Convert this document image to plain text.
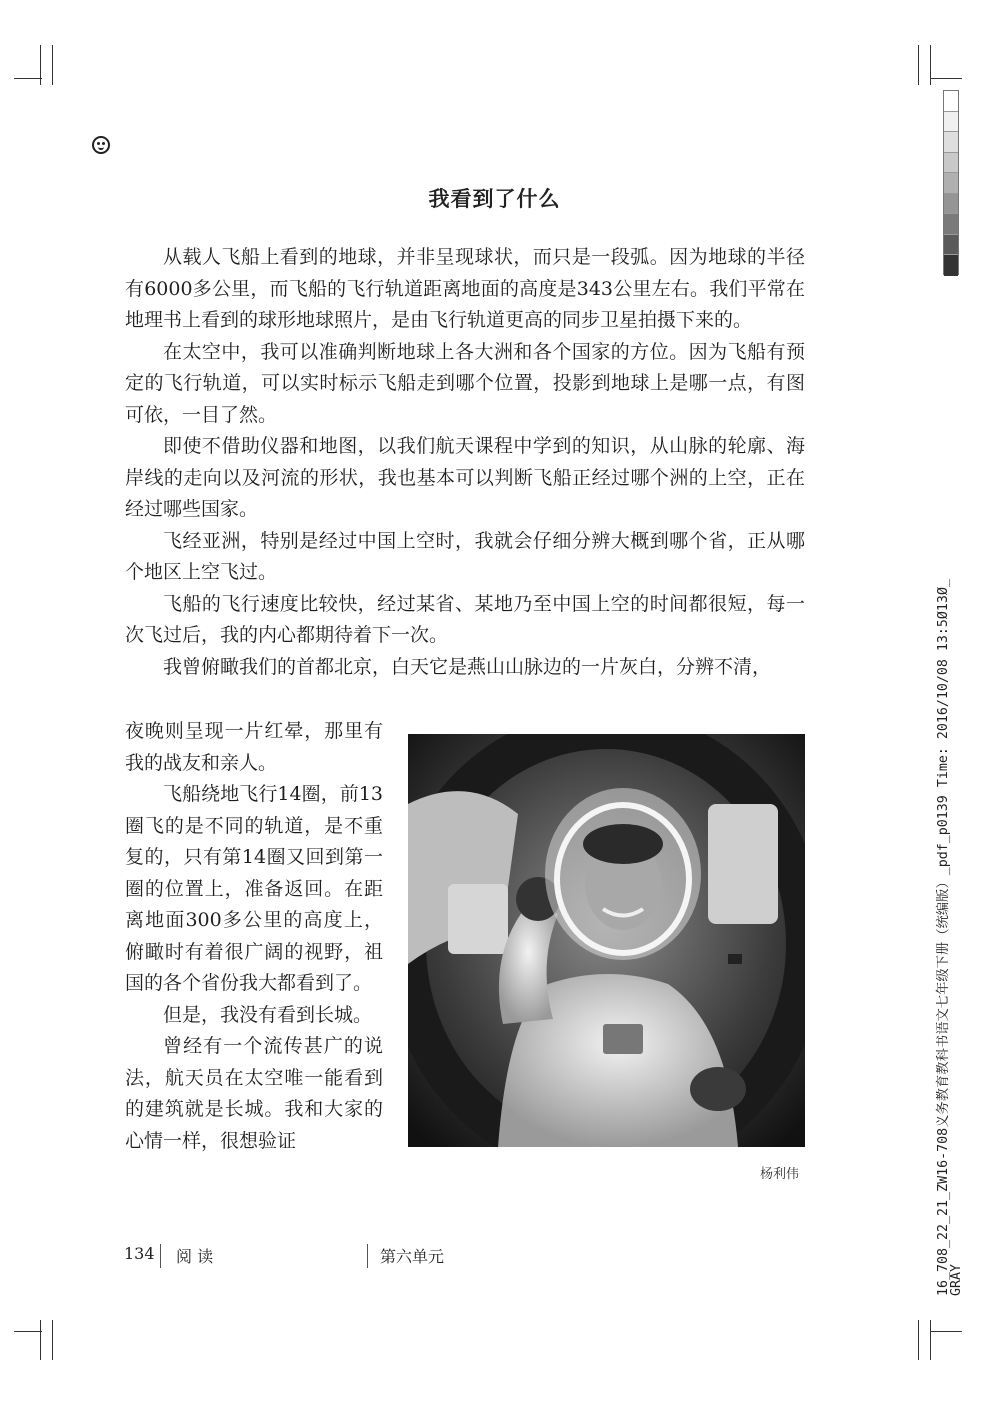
我看到了什么

从载人飞船上看到的地球，并非呈现球状，而只是一段弧。因为地球的半径有6000多公里，而飞船的飞行轨道距离地面的高度是343公里左右。我们平常在地理书上看到的球形地球照片，是由飞行轨道更高的同步卫星拍摄下来的。

在太空中，我可以准确判断地球上各大洲和各个国家的方位。因为飞船有预定的飞行轨道，可以实时标示飞船走到哪个位置，投影到地球上是哪一点，有图可依，一目了然。

即使不借助仪器和地图，以我们航天课程中学到的知识，从山脉的轮廓、海岸线的走向以及河流的形状，我也基本可以判断飞船正经过哪个洲的上空，正在经过哪些国家。

飞经亚洲，特别是经过中国上空时，我就会仔细分辨大概到哪个省，正从哪个地区上空飞过。

飞船的飞行速度比较快，经过某省、某地乃至中国上空的时间都很短，每一次飞过后，我的内心都期待着下一次。

我曾俯瞰我们的首都北京，白天它是燕山山脉边的一片灰白，分辨不清，

夜晚则呈现一片红晕，那里有我的战友和亲人。

飞船绕地飞行14圈，前13圈飞的是不同的轨道，是不重复的，只有第14圈又回到第一圈的位置上，准备返回。在距离地面300多公里的高度上，俯瞰时有着很广阔的视野，祖国的各个省份我大都看到了。

但是，我没有看到长城。

曾经有一个流传甚广的说法，航天员在太空唯一能看到的建筑就是长城。我和大家的心情一样，很想验证

杨利伟
134 阅 读	第六单元	16_708_22_21_ZW16-708义务教育教科书语文七年级下册（统编版）_pdf_p0139 Time: 2016/10/08 13:5Ø13Ø_
GRAY
